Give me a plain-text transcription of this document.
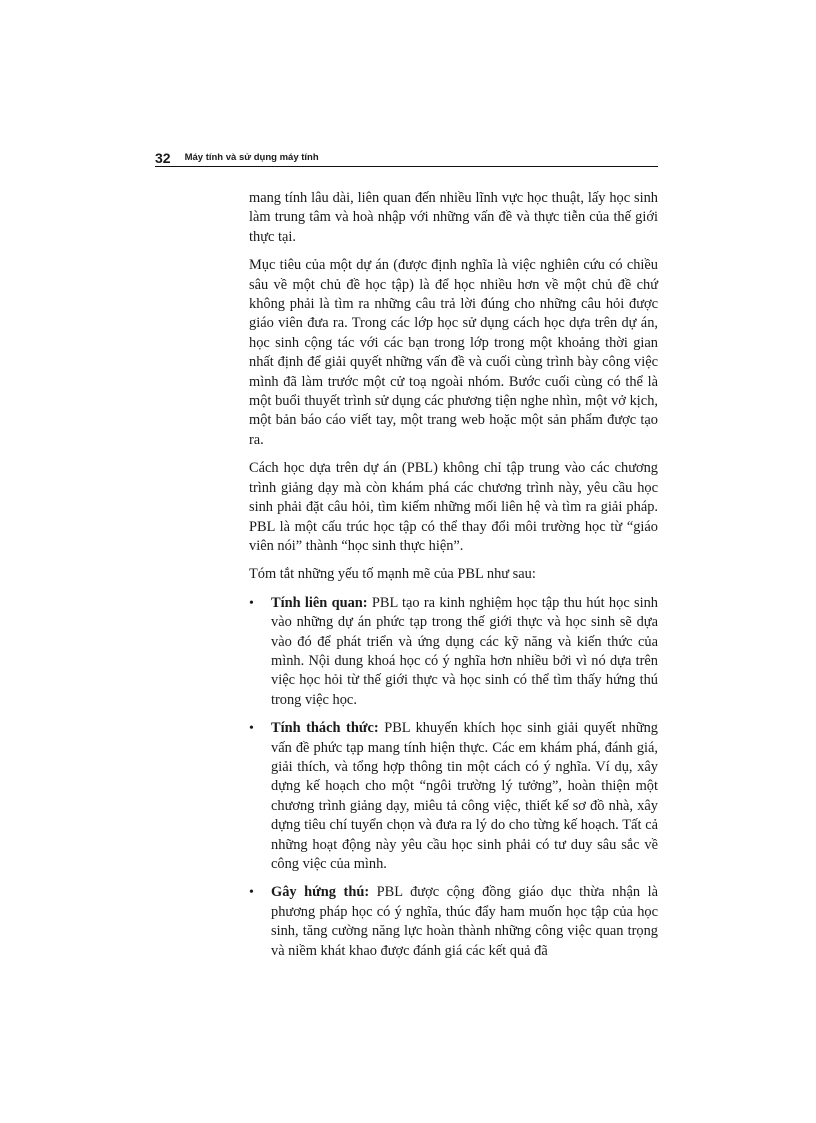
32 Máy tính và sử dụng máy tính

mang tính lâu dài, liên quan đến nhiều lĩnh vực học thuật, lấy học sinh làm trung tâm và hoà nhập với những vấn đề và thực tiễn của thế giới thực tại.

Mục tiêu của một dự án (được định nghĩa là việc nghiên cứu có chiều sâu về một chủ đề học tập) là để học nhiều hơn về một chủ đề chứ không phải là tìm ra những câu trả lời đúng cho những câu hỏi được giáo viên đưa ra. Trong các lớp học sử dụng cách học dựa trên dự án, học sinh cộng tác với các bạn trong lớp trong một khoảng thời gian nhất định để giải quyết những vấn đề và cuối cùng trình bày công việc mình đã làm trước một cử toạ ngoài nhóm. Bước cuối cùng có thể là một buổi thuyết trình sử dụng các phương tiện nghe nhìn, một vở kịch, một bản báo cáo viết tay, một trang web hoặc một sản phẩm được tạo ra.

Cách học dựa trên dự án (PBL) không chỉ tập trung vào các chương trình giảng dạy mà còn khám phá các chương trình này, yêu cầu học sinh phải đặt câu hỏi, tìm kiếm những mối liên hệ và tìm ra giải pháp. PBL là một cấu trúc học tập có thể thay đổi môi trường học từ “giáo viên nói” thành “học sinh thực hiện”.

Tóm tắt những yếu tố mạnh mẽ của PBL như sau:

• Tính liên quan: PBL tạo ra kinh nghiệm học tập thu hút học sinh vào những dự án phức tạp trong thế giới thực và học sinh sẽ dựa vào đó để phát triển và ứng dụng các kỹ năng và kiến thức của mình. Nội dung khoá học có ý nghĩa hơn nhiều bởi vì nó dựa trên việc học hỏi từ thế giới thực và học sinh có thể tìm thấy hứng thú trong việc học.
• Tính thách thức: PBL khuyến khích học sinh giải quyết những vấn đề phức tạp mang tính hiện thực. Các em khám phá, đánh giá, giải thích, và tổng hợp thông tin một cách có ý nghĩa. Ví dụ, xây dựng kế hoạch cho một “ngôi trường lý tưởng”, hoàn thiện một chương trình giảng dạy, miêu tả công việc, thiết kế sơ đồ nhà, xây dựng tiêu chí tuyển chọn và đưa ra lý do cho từng kế hoạch. Tất cả những hoạt động này yêu cầu học sinh phải có tư duy sâu sắc về công việc của mình.
• Gây hứng thú: PBL được cộng đồng giáo dục thừa nhận là phương pháp học có ý nghĩa, thúc đẩy ham muốn học tập của học sinh, tăng cường năng lực hoàn thành những công việc quan trọng và niềm khát khao được đánh giá các kết quả đã
